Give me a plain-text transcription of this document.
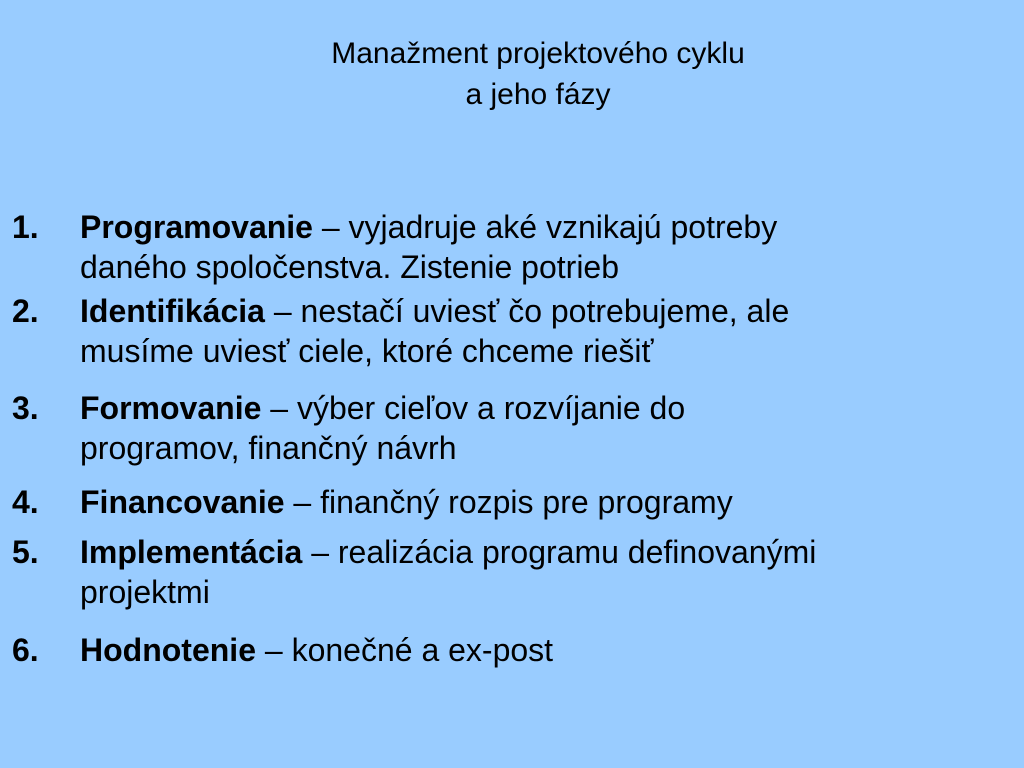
Manažment projektového cyklu
a jeho fázy
1. Programovanie – vyjadruje aké vznikajú potreby
daného spoločenstva. Zistenie potrieb
2. Identifikácia – nestačí uviesť čo potrebujeme, ale
musíme uviesť ciele, ktoré chceme riešiť
3. Formovanie – výber cieľov a rozvíjanie do
programov, finančný návrh
4. Financovanie – finančný rozpis pre programy
5. Implementácia – realizácia programu definovanými
projektmi
6. Hodnotenie – konečné a ex-post
